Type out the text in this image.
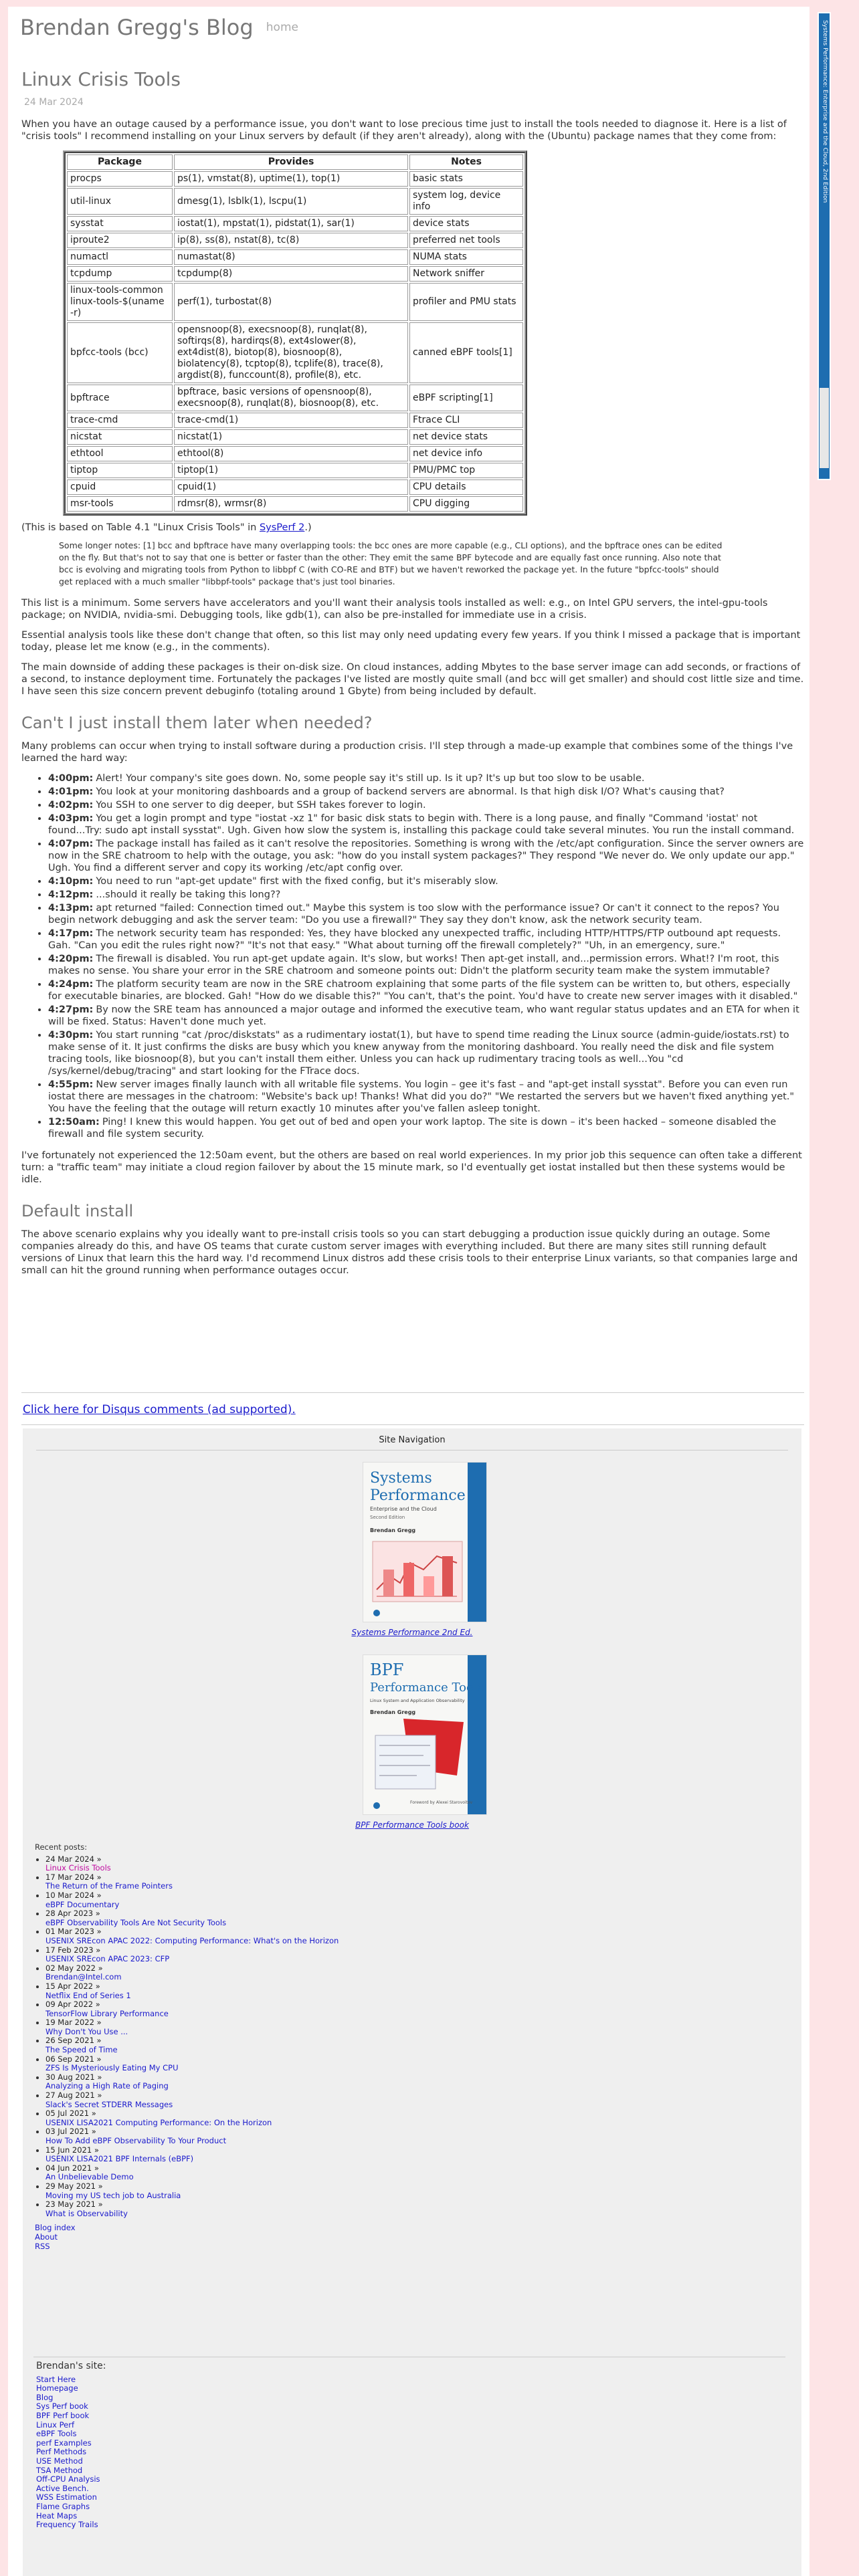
Brendan Gregg's Blog home
Linux Crisis Tools
24 Mar 2024

When you have an outage caused by a performance issue, you don't want to lose precious time just to install the tools needed to diagnose it. Here is a list of "crisis tools" I recommend installing on your Linux servers by default (if they aren't already), along with the (Ubuntu) package names that they come from:

Package	Provides	Notes
procps	ps(1), vmstat(8), uptime(1), top(1)	basic stats
util-linux	dmesg(1), lsblk(1), lscpu(1)	system log, device info
sysstat	iostat(1), mpstat(1), pidstat(1), sar(1)	device stats
iproute2	ip(8), ss(8), nstat(8), tc(8)	preferred net tools
numactl	numastat(8)	NUMA stats
tcpdump	tcpdump(8)	Network sniffer
linux-tools-common linux-tools-$(uname -r)	perf(1), turbostat(8)	profiler and PMU stats
bpfcc-tools (bcc)	opensnoop(8), execsnoop(8), runqlat(8), softirqs(8), hardirqs(8), ext4slower(8), ext4dist(8), biotop(8), biosnoop(8), biolatency(8), tcptop(8), tcplife(8), trace(8), argdist(8), funccount(8), profile(8), etc.	canned eBPF tools[1]
bpftrace	bpftrace, basic versions of opensnoop(8), execsnoop(8), runqlat(8), biosnoop(8), etc.	eBPF scripting[1]
trace-cmd	trace-cmd(1)	Ftrace CLI
nicstat	nicstat(1)	net device stats
ethtool	ethtool(8)	net device info
tiptop	tiptop(1)	PMU/PMC top
cpuid	cpuid(1)	CPU details
msr-tools	rdmsr(8), wrmsr(8)	CPU digging
(This is based on Table 4.1 "Linux Crisis Tools" in SysPerf 2.)
Some longer notes: [1] bcc and bpftrace have many overlapping tools: the bcc ones are more capable (e.g., CLI options), and the bpftrace ones can be edited on the fly. But that's not to say that one is better or faster than the other: They emit the same BPF bytecode and are equally fast once running. Also note that bcc is evolving and migrating tools from Python to libbpf C (with CO-RE and BTF) but we haven't reworked the package yet. In the future "bpfcc-tools" should get replaced with a much smaller "libbpf-tools" package that's just tool binaries.

This list is a minimum. Some servers have accelerators and you'll want their analysis tools installed as well: e.g., on Intel GPU servers, the intel-gpu-tools package; on NVIDIA, nvidia-smi. Debugging tools, like gdb(1), can also be pre-installed for immediate use in a crisis.

Essential analysis tools like these don't change that often, so this list may only need updating every few years. If you think I missed a package that is important today, please let me know (e.g., in the comments).

The main downside of adding these packages is their on-disk size. On cloud instances, adding Mbytes to the base server image can add seconds, or fractions of a second, to instance deployment time. Fortunately the packages I've listed are mostly quite small (and bcc will get smaller) and should cost little size and time. I have seen this size concern prevent debuginfo (totaling around 1 Gbyte) from being included by default.

Can't I just install them later when needed?

Many problems can occur when trying to install software during a production crisis. I'll step through a made-up example that combines some of the things I've learned the hard way:

• 4:00pm: Alert! Your company's site goes down. No, some people say it's still up. Is it up? It's up but too slow to be usable.
• 4:01pm: You look at your monitoring dashboards and a group of backend servers are abnormal. Is that high disk I/O? What's causing that?
• 4:02pm: You SSH to one server to dig deeper, but SSH takes forever to login.
• 4:03pm: You get a login prompt and type "iostat -xz 1" for basic disk stats to begin with. There is a long pause, and finally "Command 'iostat' not found...Try: sudo apt install sysstat". Ugh. Given how slow the system is, installing this package could take several minutes. You run the install command.
• 4:07pm: The package install has failed as it can't resolve the repositories. Something is wrong with the /etc/apt configuration. Since the server owners are now in the SRE chatroom to help with the outage, you ask: "how do you install system packages?" They respond "We never do. We only update our app." Ugh. You find a different server and copy its working /etc/apt config over.
• 4:10pm: You need to run "apt-get update" first with the fixed config, but it's miserably slow.
• 4:12pm: ...should it really be taking this long??
• 4:13pm: apt returned "failed: Connection timed out." Maybe this system is too slow with the performance issue? Or can't it connect to the repos? You begin network debugging and ask the server team: "Do you use a firewall?" They say they don't know, ask the network security team.
• 4:17pm: The network security team has responded: Yes, they have blocked any unexpected traffic, including HTTP/HTTPS/FTP outbound apt requests. Gah. "Can you edit the rules right now?" "It's not that easy." "What about turning off the firewall completely?" "Uh, in an emergency, sure."
• 4:20pm: The firewall is disabled. You run apt-get update again. It's slow, but works! Then apt-get install, and...permission errors. What!? I'm root, this makes no sense. You share your error in the SRE chatroom and someone points out: Didn't the platform security team make the system immutable?
• 4:24pm: The platform security team are now in the SRE chatroom explaining that some parts of the file system can be written to, but others, especially for executable binaries, are blocked. Gah! "How do we disable this?" "You can't, that's the point. You'd have to create new server images with it disabled."
• 4:27pm: By now the SRE team has announced a major outage and informed the executive team, who want regular status updates and an ETA for when it will be fixed. Status: Haven't done much yet.
• 4:30pm: You start running "cat /proc/diskstats" as a rudimentary iostat(1), but have to spend time reading the Linux source (admin-guide/iostats.rst) to make sense of it. It just confirms the disks are busy which you knew anyway from the monitoring dashboard. You really need the disk and file system tracing tools, like biosnoop(8), but you can't install them either. Unless you can hack up rudimentary tracing tools as well...You "cd /sys/kernel/debug/tracing" and start looking for the FTrace docs.
• 4:55pm: New server images finally launch with all writable file systems. You login – gee it's fast – and "apt-get install sysstat". Before you can even run iostat there are messages in the chatroom: "Website's back up! Thanks! What did you do?" "We restarted the servers but we haven't fixed anything yet." You have the feeling that the outage will return exactly 10 minutes after you've fallen asleep tonight.
• 12:50am: Ping! I knew this would happen. You get out of bed and open your work laptop. The site is down – it's been hacked – someone disabled the firewall and file system security.

I've fortunately not experienced the 12:50am event, but the others are based on real world experiences. In my prior job this sequence can often take a different turn: a "traffic team" may initiate a cloud region failover by about the 15 minute mark, so I'd eventually get iostat installed but then these systems would be idle.

Default install

The above scenario explains why you ideally want to pre-install crisis tools so you can start debugging a production issue quickly during an outage. Some companies already do this, and have OS teams that curate custom server images with everything included. But there are many sites still running default versions of Linux that learn this the hard way. I'd recommend Linux distros add these crisis tools to their enterprise Linux variants, so that companies large and small can hit the ground running when performance outages occur.

Click here for Disqus comments (ad supported).
Site Navigation
Systems
Performance
Enterprise and the Cloud
Second Edition
Brendan Gregg
Systems Performance 2nd Ed.
BPF
Performance Tools
Linux System and Application Observability
Brendan Gregg
Foreword by Alexei Starovoitov
BPF Performance Tools book
Recent posts:
• 24 Mar 2024 »
Linux Crisis Tools
• 17 Mar 2024 »
The Return of the Frame Pointers
• 10 Mar 2024 »
eBPF Documentary
• 28 Apr 2023 »
eBPF Observability Tools Are Not Security Tools
• 01 Mar 2023 »
USENIX SREcon APAC 2022: Computing Performance: What's on the Horizon
• 17 Feb 2023 »
USENIX SREcon APAC 2023: CFP
• 02 May 2022 »
Brendan@Intel.com
• 15 Apr 2022 »
Netflix End of Series 1
• 09 Apr 2022 »
TensorFlow Library Performance
• 19 Mar 2022 »
Why Don't You Use ...
• 26 Sep 2021 »
The Speed of Time
• 06 Sep 2021 »
ZFS Is Mysteriously Eating My CPU
• 30 Aug 2021 »
Analyzing a High Rate of Paging
• 27 Aug 2021 »
Slack's Secret STDERR Messages
• 05 Jul 2021 »
USENIX LISA2021 Computing Performance: On the Horizon
• 03 Jul 2021 »
How To Add eBPF Observability To Your Product
• 15 Jun 2021 »
USENIX LISA2021 BPF Internals (eBPF)
• 04 Jun 2021 »
An Unbelievable Demo
• 29 May 2021 »
Moving my US tech job to Australia
• 23 May 2021 »
What is Observability
Blog index
About
RSS
Brendan's site:
Start Here
Homepage
Blog
Sys Perf book
BPF Perf book
Linux Perf
eBPF Tools
perf Examples
Perf Methods
USE Method
TSA Method
Off-CPU Analysis
Active Bench.
WSS Estimation
Flame Graphs
Heat Maps
Frequency Trails
Systems Performance: Enterprise and the Cloud, 2nd Edition
